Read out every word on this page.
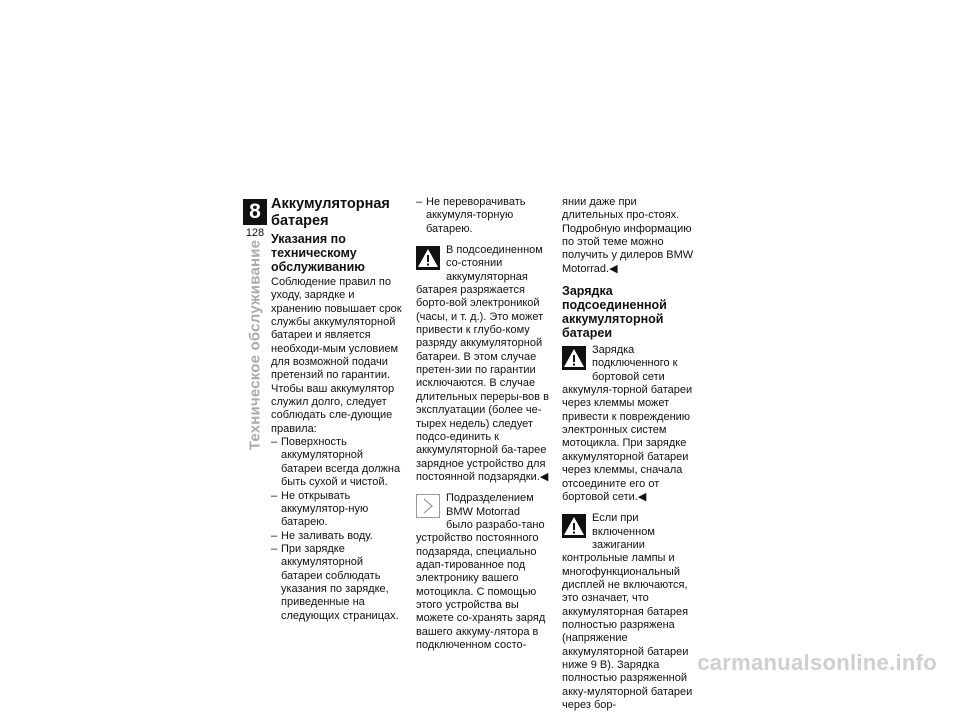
8
128
Техническое обслуживание
Аккумуляторная батарея
Указания по техническому обслуживанию

Соблюдение правил по уходу, зарядке и хранению повышает срок службы аккумуляторной батареи и является необходи-мым условием для возможной подачи претензий по гарантии. Чтобы ваш аккумулятор служил долго, следует соблюдать сле-дующие правила:

– Поверхность аккумуляторной батареи всегда должна быть сухой и чистой.

– Не открывать аккумулятор-ную батарею.

– Не заливать воду.

– При зарядке аккумуляторной батареи соблюдать указания по зарядке, приведенные на следующих страницах.

– Не переворачивать аккумуля-торную батарею.

В подсоединенном со-стоянии аккумуляторная батарея разряжается борто-вой электроникой (часы, и т. д.). Это может привести к глубо-кому разряду аккумуляторной батареи. В этом случае претен-зии по гарантии исключаются. В случае длительных переры-вов в эксплуатации (более че-тырех недель) следует подсо-единить к аккумуляторной ба-тарее зарядное устройство для постоянной подзарядки.◀

Подразделением BMW Motorrad было разрабо-тано устройство постоянного подзаряда, специально адап-тированное под электронику вашего мотоцикла. С помощью этого устройства вы можете со-хранять заряд вашего аккуму-лятора в подключенном состо-

янии даже при длительных про-стоях. Подробную информацию по этой теме можно получить у дилеров BMW Motorrad.◀

Зарядка подсоединенной аккумуляторной батареи

Зарядка подключенного к бортовой сети аккумуля-торной батареи через клеммы может привести к повреждению электронных систем мотоцикла. При зарядке аккумуляторной батареи через клеммы, сначала отсоедините его от бортовой сети.◀

Если при включенном зажигании контрольные лампы и многофункциональный дисплей не включаются, это означает, что аккумуляторная батарея полностью разряжена (напряжение аккумуляторной батареи ниже 9 В). Зарядка полностью разряженной акку-муляторной батареи через бор-

carmanualsonline.info
